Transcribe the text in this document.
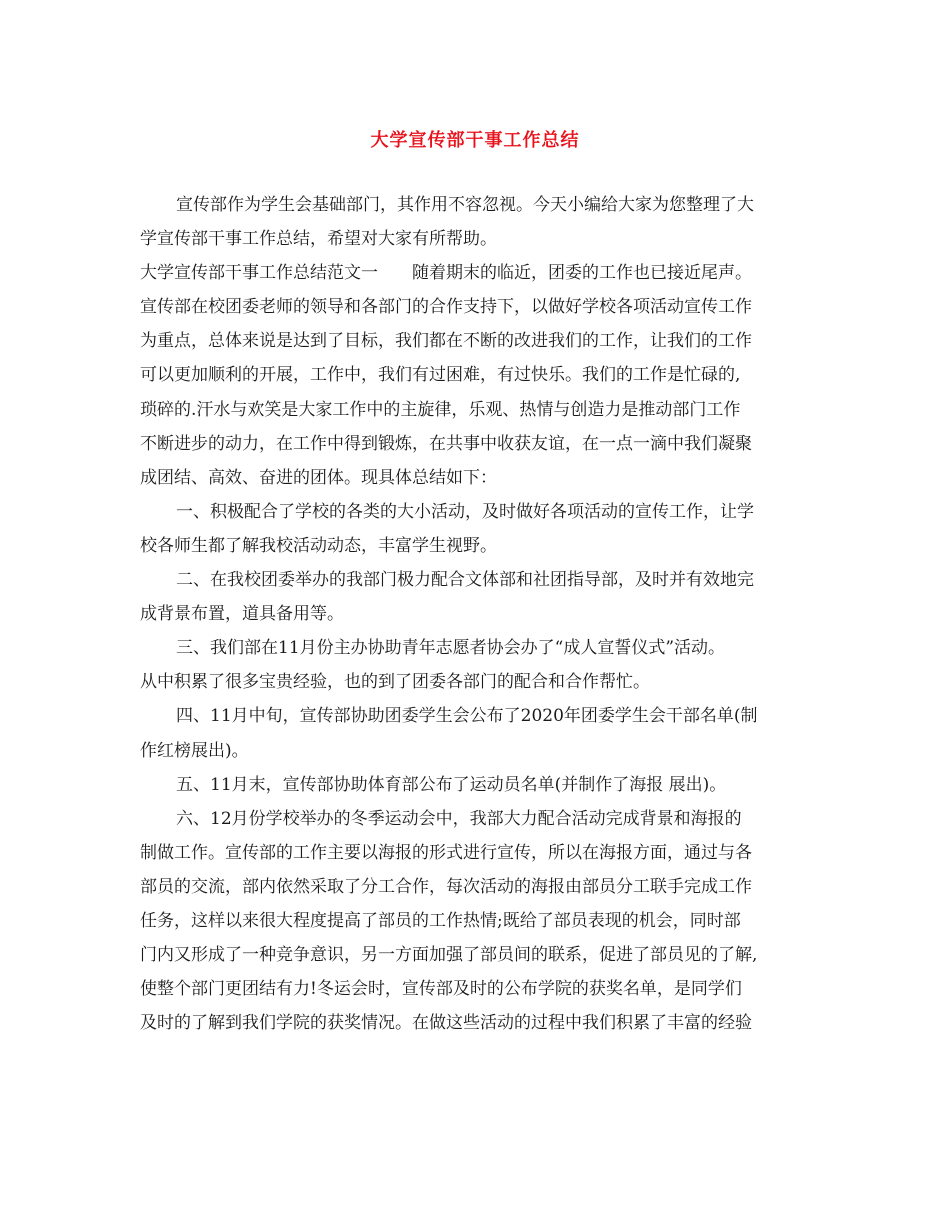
大学宣传部干事工作总结
宣传部作为学生会基础部门，其作用不容忽视。今天小编给大家为您整理了大
学宣传部干事工作总结，希望对大家有所帮助。
大学宣传部干事工作总结范文一　　随着期末的临近，团委的工作也已接近尾声。
宣传部在校团委老师的领导和各部门的合作支持下，以做好学校各项活动宣传工作
为重点，总体来说是达到了目标，我们都在不断的改进我们的工作，让我们的工作
可以更加顺利的开展，工作中，我们有过困难，有过快乐。我们的工作是忙碌的,
琐碎的.汗水与欢笑是大家工作中的主旋律，乐观、热情与创造力是推动部门工作
不断进步的动力，在工作中得到锻炼，在共事中收获友谊，在一点一滴中我们凝聚
成团结、高效、奋进的团体。现具体总结如下：
一、积极配合了学校的各类的大小活动，及时做好各项活动的宣传工作，让学
校各师生都了解我校活动动态，丰富学生视野。
二、在我校团委举办的我部门极力配合文体部和社团指导部，及时并有效地完
成背景布置，道具备用等。
三、我们部在11月份主办协助青年志愿者协会办了“成人宣誓仪式”活动。
从中积累了很多宝贵经验，也的到了团委各部门的配合和合作帮忙。
四、11月中旬，宣传部协助团委学生会公布了2020年团委学生会干部名单(制
作红榜展出)。
五、11月末，宣传部协助体育部公布了运动员名单(并制作了海报 展出)。
六、12月份学校举办的冬季运动会中，我部大力配合活动完成背景和海报的
制做工作。宣传部的工作主要以海报的形式进行宣传，所以在海报方面，通过与各
部员的交流，部内依然采取了分工合作，每次活动的海报由部员分工联手完成工作
任务，这样以来很大程度提高了部员的工作热情;既给了部员表现的机会，同时部
门内又形成了一种竞争意识，另一方面加强了部员间的联系，促进了部员见的了解,
使整个部门更团结有力!冬运会时，宣传部及时的公布学院的获奖名单，是同学们
及时的了解到我们学院的获奖情况。在做这些活动的过程中我们积累了丰富的经验
